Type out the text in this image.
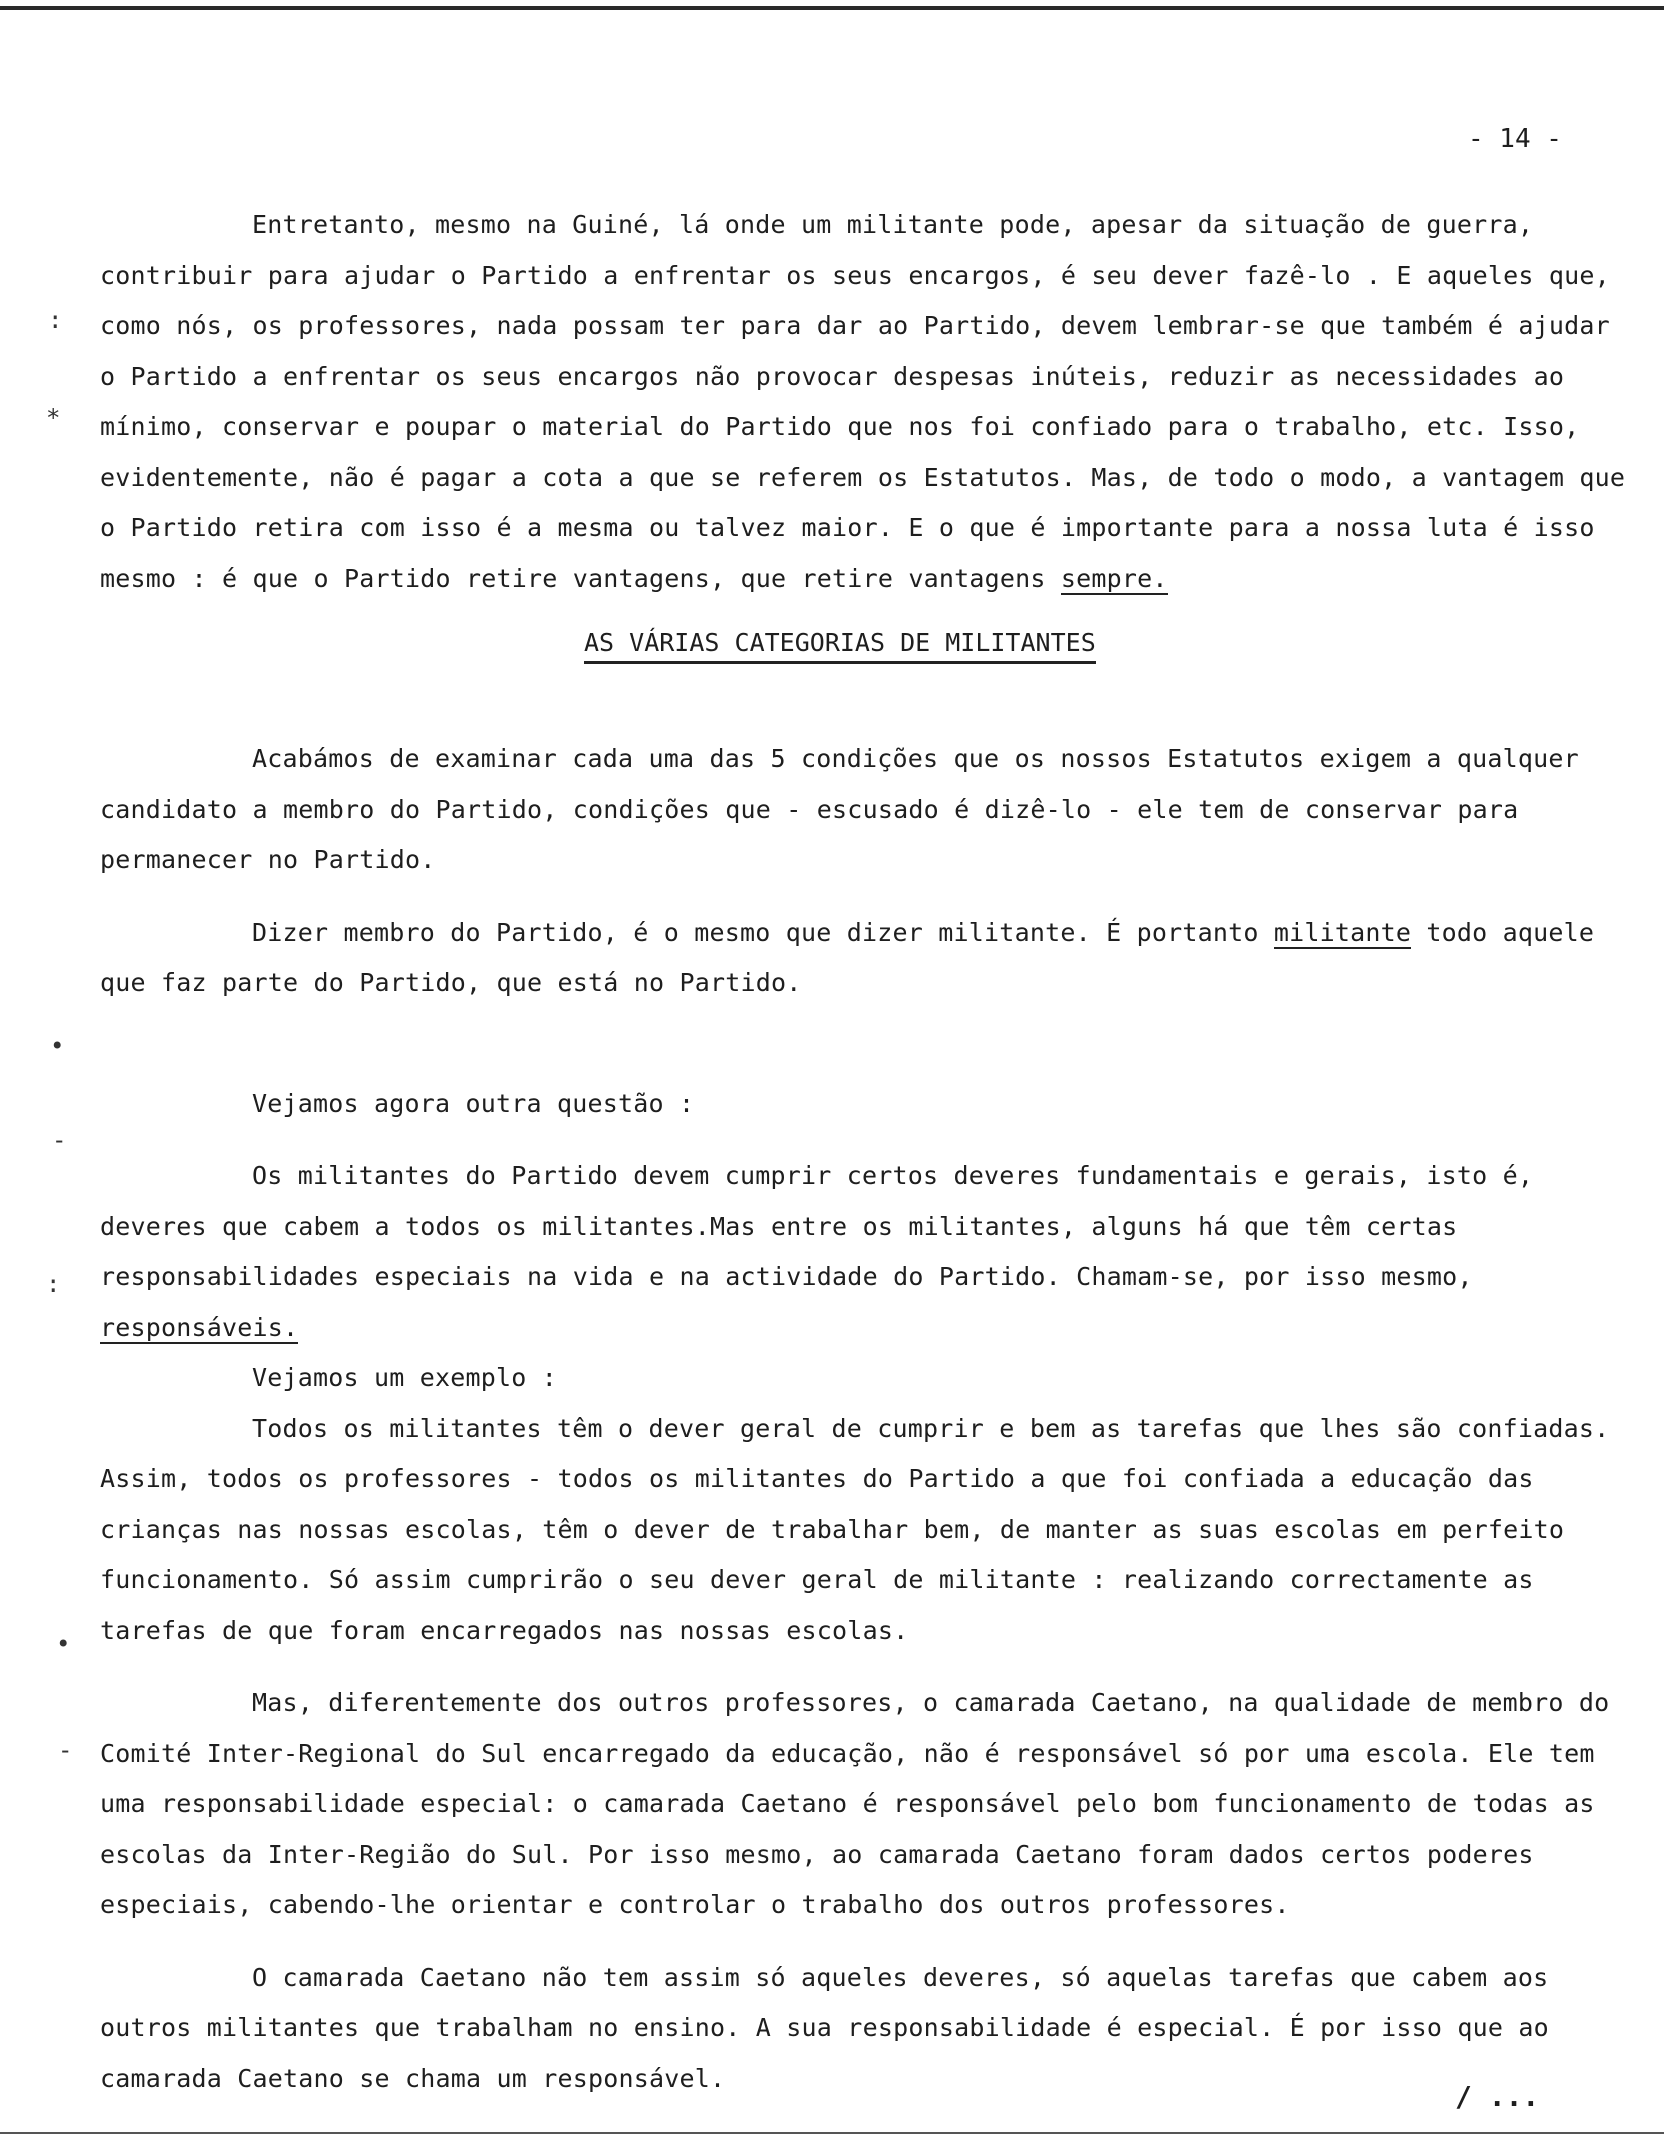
- 14 -
:
*
•
-
:
•
-

Entretanto, mesmo na Guiné, lá onde um militante pode, apesar da situação de guerra, contribuir para ajudar o Partido a enfrentar os seus encargos, é seu dever fazê-lo . E aqueles que, como nós, os professores, nada possam ter para dar ao Partido, devem lembrar-se que também é ajudar o Partido a enfrentar os seus encargos não provocar despesas inúteis, reduzir as necessidades ao mínimo, conservar e poupar o material do Partido que nos foi confiado para o trabalho, etc. Isso, evidentemente, não é pagar a cota a que se referem os Estatutos. Mas, de todo o modo, a vantagem que o Partido retira com isso é a mesma ou talvez maior. E o que é importante para a nossa luta é isso mesmo : é que o Partido retire vantagens, que retire vantagens sempre.

Acabámos de examinar cada uma das 5 condições que os nossos Estatutos exigem a qualquer candidato a membro do Partido, condições que - escusado é dizê-lo - ele tem de conservar para permanecer no Partido.

Dizer membro do Partido, é o mesmo que dizer militante. É portanto militante todo aquele que faz parte do Partido, que está no Partido.

Vejamos agora outra questão :

Os militantes do Partido devem cumprir certos deveres fundamentais e gerais, isto é, deveres que cabem a todos os militantes.Mas entre os militantes, alguns há que têm certas responsabilidades especiais na vida e na actividade do Partido. Chamam-se, por isso mesmo, responsáveis.

Vejamos um exemplo :

Todos os militantes têm o dever geral de cumprir e bem as tarefas que lhes são confiadas. Assim, todos os professores - todos os militantes do Partido a que foi confiada a educação das crianças nas nossas escolas, têm o dever de trabalhar bem, de manter as suas escolas em perfeito funcionamento. Só assim cumprirão o seu dever geral de militante : realizando correctamente as tarefas de que foram encarregados nas nossas escolas.

Mas, diferentemente dos outros professores, o camarada Caetano, na qualidade de membro do Comité Inter-Regional do Sul encarregado da educação, não é responsável só por uma escola. Ele tem uma responsabilidade especial: o camarada Caetano é responsável pelo bom funcionamento de todas as escolas da Inter-Região do Sul. Por isso mesmo, ao camarada Caetano foram dados certos poderes especiais, cabendo-lhe orientar e controlar o trabalho dos outros professores.

O camarada Caetano não tem assim só aqueles deveres, só aquelas tarefas que cabem aos outros militantes que trabalham no ensino. A sua responsabilidade é especial. É por isso que ao camarada Caetano se chama um responsável.

AS VÁRIAS CATEGORIAS DE MILITANTES
/ ...
